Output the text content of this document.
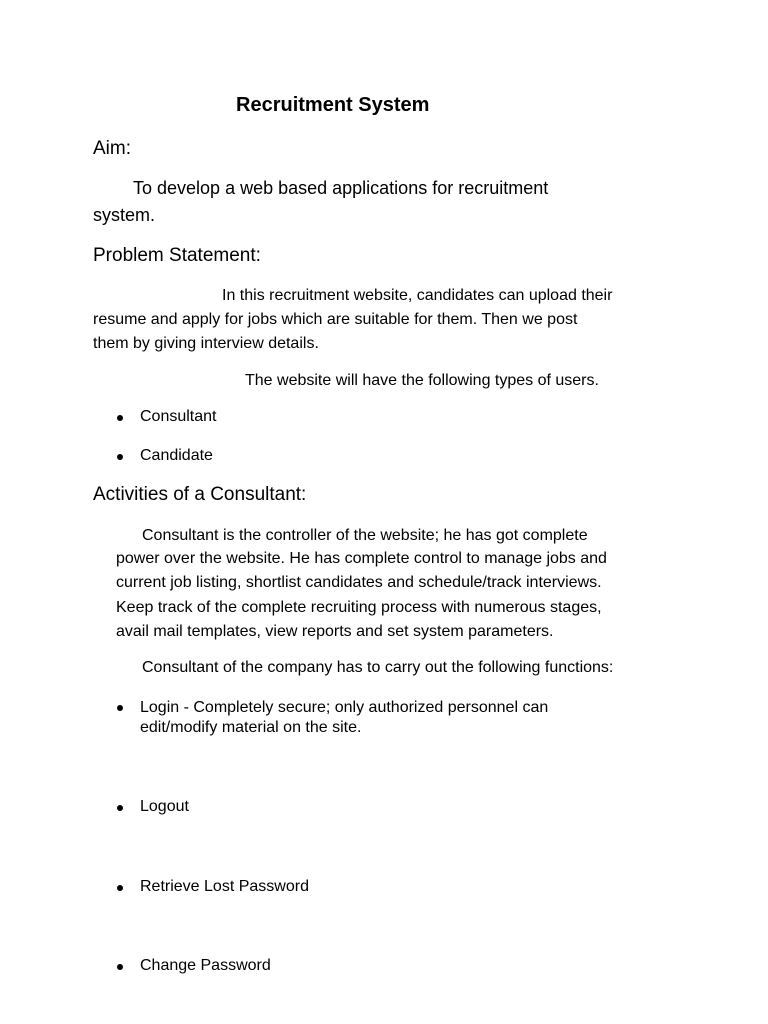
Recruitment System
Aim:
To develop a web based applications for recruitment
system.
Problem Statement:
In this recruitment website, candidates can upload their
resume and apply for jobs which are suitable for them. Then we post
them by giving interview details.
The website will have the following types of users.
Consultant
Candidate
Activities of a Consultant:
Consultant is the controller of the website; he has got complete
power over the website. He has complete control to manage jobs and
current job listing, shortlist candidates and schedule/track interviews.
Keep track of the complete recruiting process with numerous stages,
avail mail templates, view reports and set system parameters.
Consultant of the company has to carry out the following functions:
Login - Completely secure; only authorized personnel can
edit/modify material on the site.
Logout
Retrieve Lost Password
Change Password
